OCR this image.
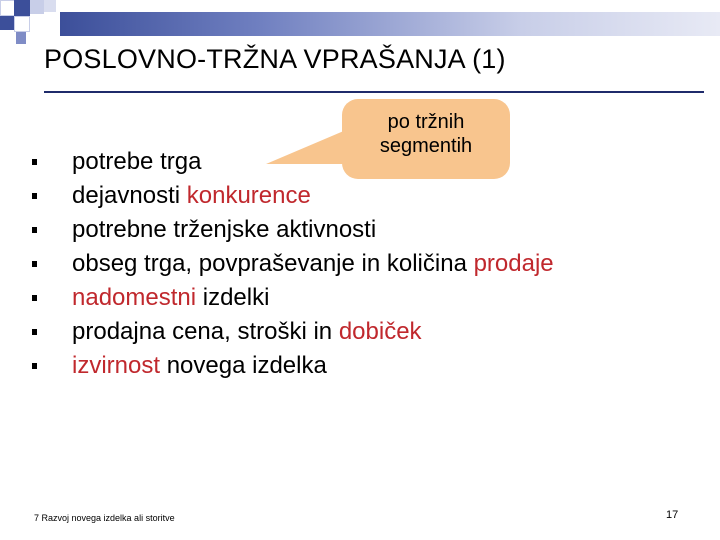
POSLOVNO-TRŽNA VPRAŠANJA (1)
po tržnih
segmentih
potrebe trga
dejavnosti konkurence
potrebne trženjske aktivnosti
obseg trga, povpraševanje in količina prodaje
nadomestni izdelki
prodajna cena, stroški in dobiček
izvirnost novega izdelka
7 Razvoj novega izdelka ali storitve	17
